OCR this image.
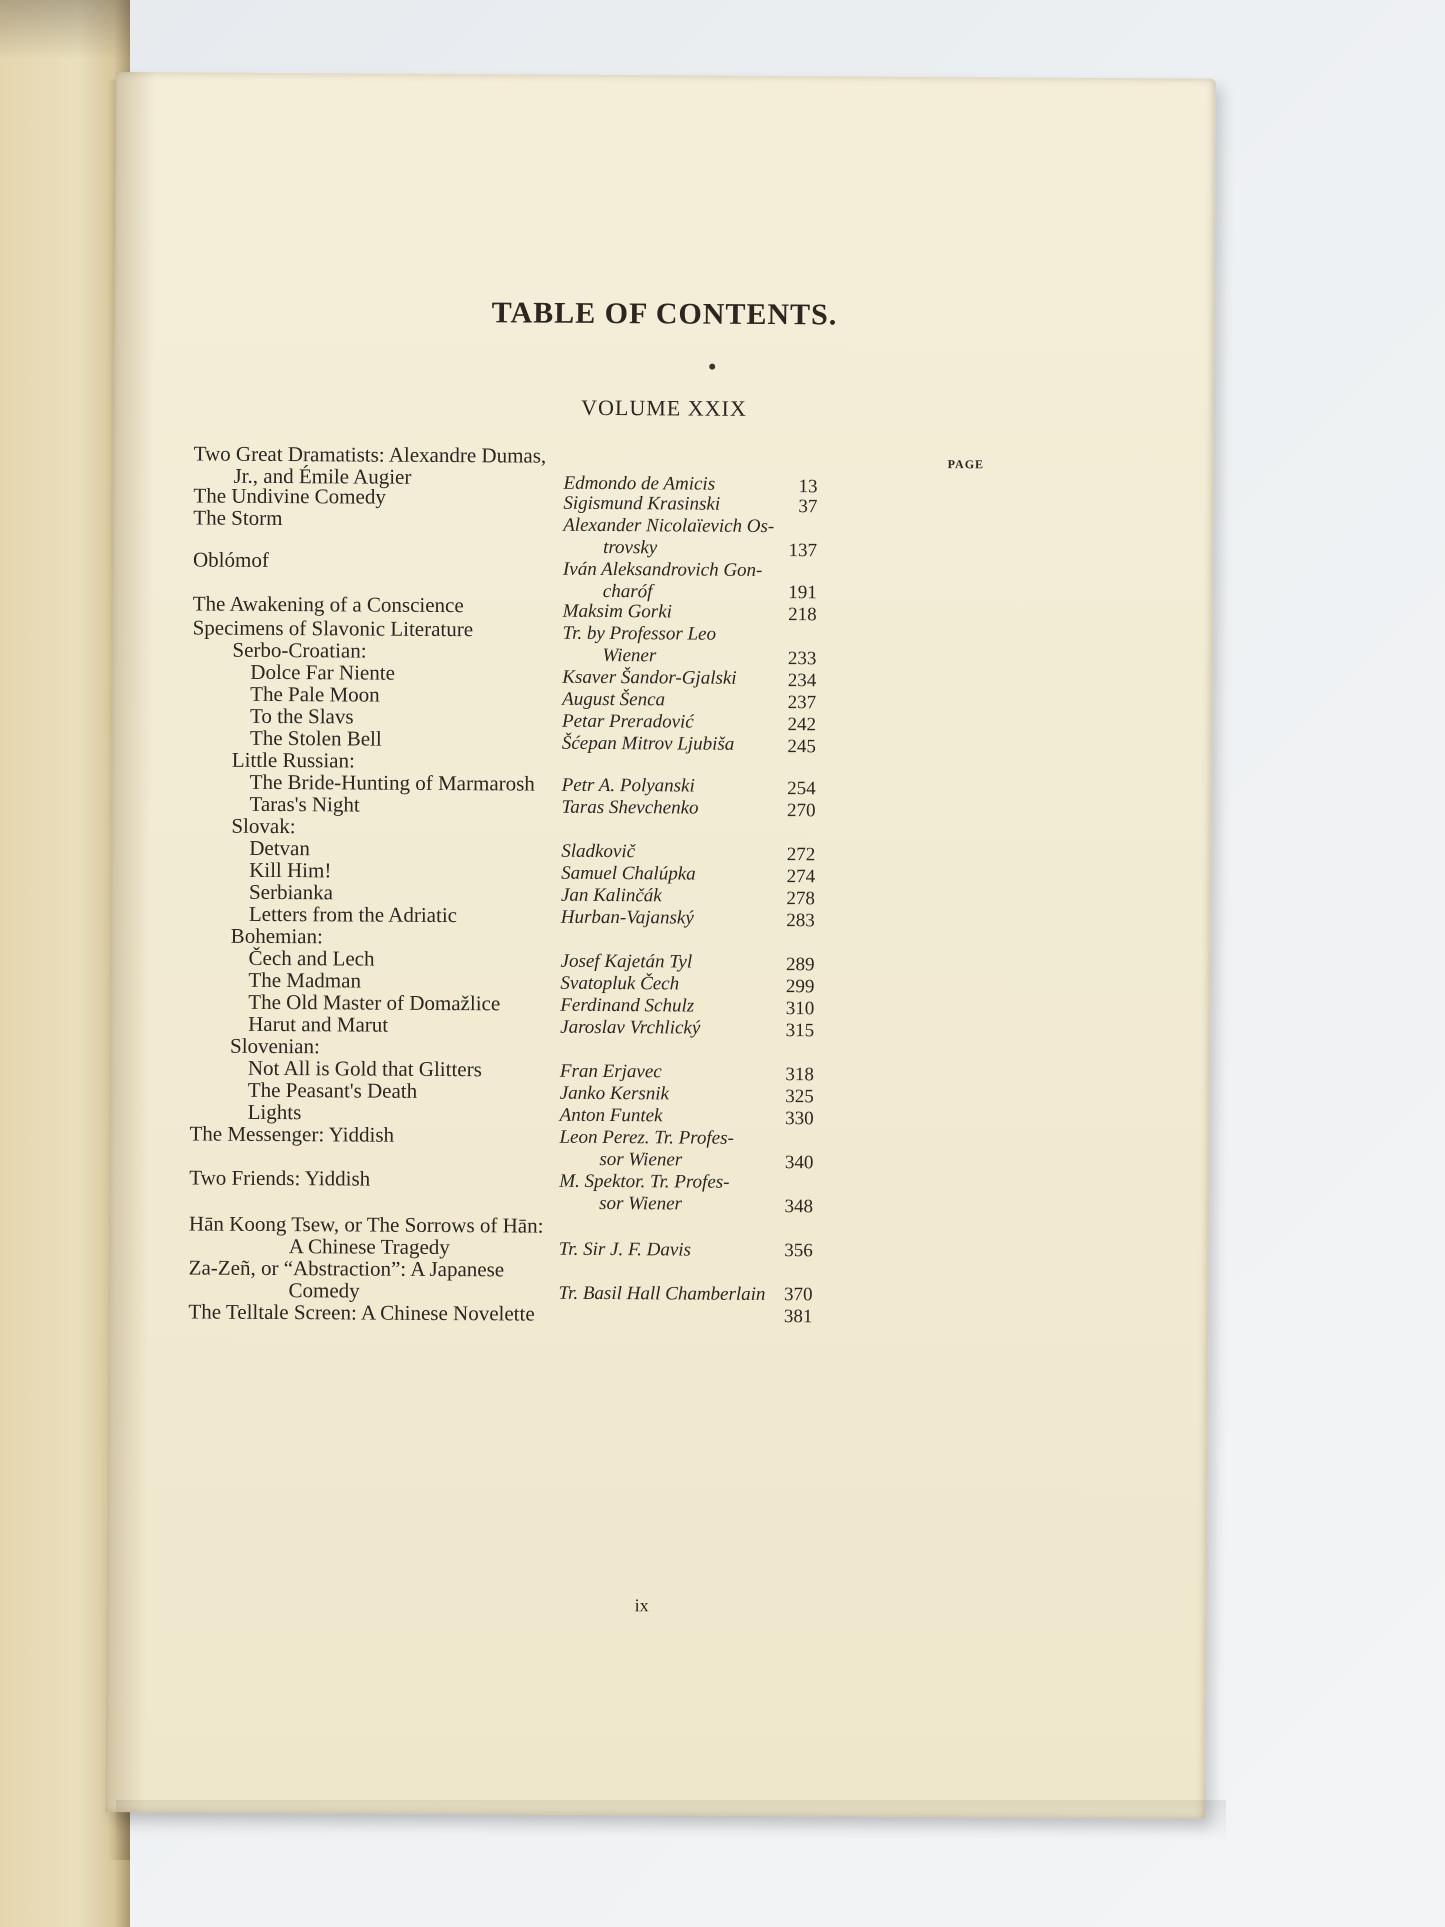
TABLE OF CONTENTS.
VOLUME XXIX
PAGE
Two Great Dramatists: Alexandre Dumas,
Jr., and Émile Augier	Edmondo de Amicis	13
The Undivine Comedy	Sigismund Krasinski	37
The Storm	Alexander Nicolaïevich Os-
trovsky	137
Oblómof	Iván Aleksandrovich Gon-
charóf	191
The Awakening of a Conscience	Maksim Gorki	218
Specimens of Slavonic Literature	Tr. by Professor Leo
Wiener	233
Serbo-Croatian:
Dolce Far Niente	Ksaver Šandor-Gjalski	234
The Pale Moon	August Šenca	237
To the Slavs	Petar Preradović	242
The Stolen Bell	Šćepan Mitrov Ljubiša	245
Little Russian:
The Bride-Hunting of Marmarosh Petr A. Polyanski	254
Taras's Night	Taras Shevchenko	270
Slovak:
Detvan	Sladkovič	272
Kill Him!	Samuel Chalúpka	274
Serbianka	Jan Kalinčák	278
Letters from the Adriatic	Hurban-Vajanský	283
Bohemian:
Čech and Lech	Josef Kajetán Tyl	289
The Madman	Svatopluk Čech	299
The Old Master of Domažlice	Ferdinand Schulz	310
Harut and Marut	Jaroslav Vrchlický	315
Slovenian:
Not All is Gold that Glitters	Fran Erjavec	318
The Peasant's Death	Janko Kersnik	325
Lights	Anton Funtek	330
The Messenger: Yiddish	Leon Perez. Tr. Profes-
sor Wiener	340
Two Friends: Yiddish	M. Spektor. Tr. Profes-
sor Wiener	348
Hān Koong Tsew, or The Sorrows of Hān:
A Chinese Tragedy	Tr. Sir J. F. Davis	356
Za-Zeñ, or “Abstraction”: A Japanese
Comedy	Tr. Basil Hall Chamberlain 370
The Telltale Screen: A Chinese Novelette	381
ix
